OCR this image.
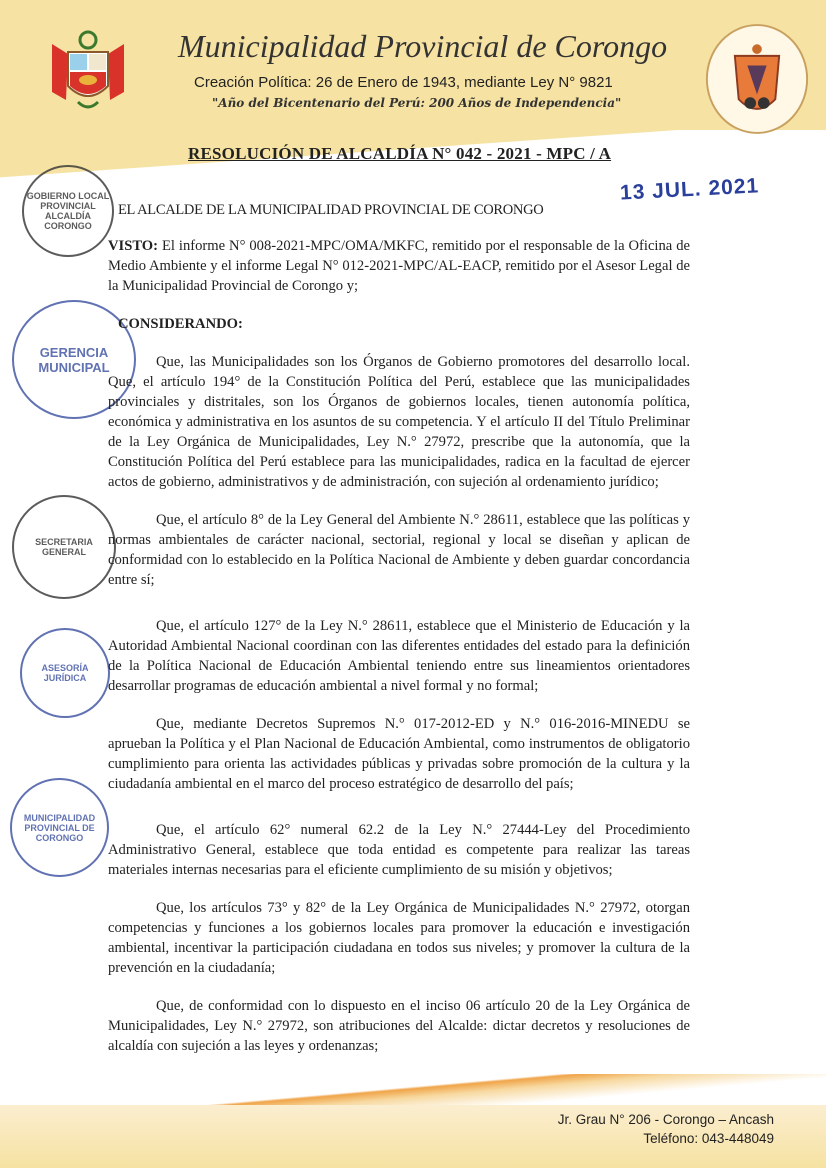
Municipalidad Provincial de Corongo
Creación Política: 26 de Enero de 1943, mediante Ley N° 9821
"Año del Bicentenario del Perú: 200 Años de Independencia"
RESOLUCIÓN DE ALCALDÍA N° 042 - 2021 - MPC / A
13 JUL. 2021
EL ALCALDE DE LA MUNICIPALIDAD PROVINCIAL DE CORONGO
GOBIERNO LOCAL PROVINCIAL ALCALDÍA CORONGO
GERENCIA MUNICIPAL
SECRETARIA GENERAL
ASESORÍA JURÍDICA
MUNICIPALIDAD PROVINCIAL DE CORONGO

VISTO: El informe N° 008-2021-MPC/OMA/MKFC, remitido por el responsable de la Oficina de Medio Ambiente y el informe Legal N° 012-2021-MPC/AL-EACP, remitido por el Asesor Legal de la Municipalidad Provincial de Corongo y;

CONSIDERANDO:

Que, las Municipalidades son los Órganos de Gobierno promotores del desarrollo local. Que, el artículo 194° de la Constitución Política del Perú, establece que las municipalidades provinciales y distritales, son los Órganos de gobiernos locales, tienen autonomía política, económica y administrativa en los asuntos de su competencia. Y el artículo II del Título Preliminar de la Ley Orgánica de Municipalidades, Ley N.° 27972, prescribe que la autonomía, que la Constitución Política del Perú establece para las municipalidades, radica en la facultad de ejercer actos de gobierno, administrativos y de administración, con sujeción al ordenamiento jurídico;

Que, el artículo 8° de la Ley General del Ambiente N.° 28611, establece que las políticas y normas ambientales de carácter nacional, sectorial, regional y local se diseñan y aplican de conformidad con lo establecido en la Política Nacional de Ambiente y deben guardar concordancia entre sí;

Que, el artículo 127° de la Ley N.° 28611, establece que el Ministerio de Educación y la Autoridad Ambiental Nacional coordinan con las diferentes entidades del estado para la definición de la Política Nacional de Educación Ambiental teniendo entre sus lineamientos orientadores desarrollar programas de educación ambiental a nivel formal y no formal;

Que, mediante Decretos Supremos N.° 017-2012-ED y N.° 016-2016-MINEDU se aprueban la Política y el Plan Nacional de Educación Ambiental, como instrumentos de obligatorio cumplimiento para orienta las actividades públicas y privadas sobre promoción de la cultura y la ciudadanía ambiental en el marco del proceso estratégico de desarrollo del país;

Que, el artículo 62° numeral 62.2 de la Ley N.° 27444-Ley del Procedimiento Administrativo General, establece que toda entidad es competente para realizar las tareas materiales internas necesarias para el eficiente cumplimiento de su misión y objetivos;

Que, los artículos 73° y 82° de la Ley Orgánica de Municipalidades N.° 27972, otorgan competencias y funciones a los gobiernos locales para promover la educación e investigación ambiental, incentivar la participación ciudadana en todos sus niveles; y promover la cultura de la prevención en la ciudadanía;

Que, de conformidad con lo dispuesto en el inciso 06 artículo 20 de la Ley Orgánica de Municipalidades, Ley N.° 27972, son atribuciones del Alcalde: dictar decretos y resoluciones de alcaldía con sujeción a las leyes y ordenanzas;

Jr. Grau N° 206 - Corongo – Ancash
Teléfono: 043-448049
